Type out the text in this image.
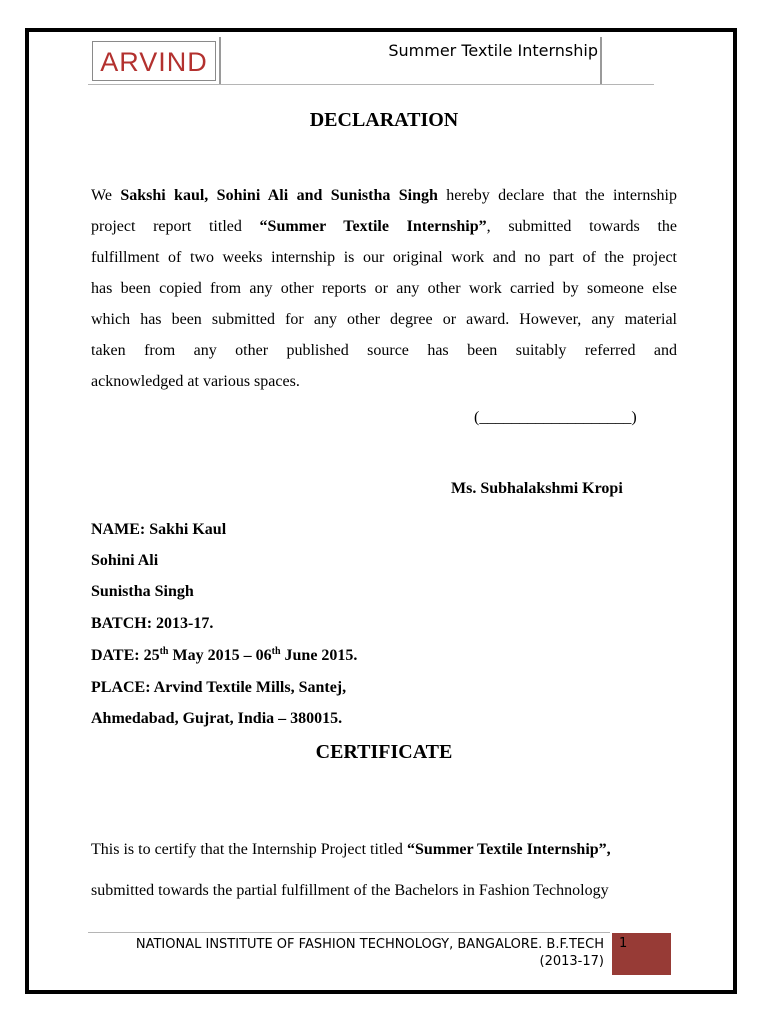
ARVIND	Summer Textile Internship
DECLARATION
We Sakshi kaul, Sohini Ali and Sunistha Singh hereby declare that the internship
project report titled “Summer Textile Internship”, submitted towards the
fulfillment of two weeks internship is our original work and no part of the project
has been copied from any other reports or any other work carried by someone else
which has been submitted for any other degree or award. However, any material
taken from any other published source has been suitably referred and
acknowledged at various spaces.
(___________________)
Ms. Subhalakshmi Kropi
NAME: Sakhi Kaul
Sohini Ali
Sunistha Singh
BATCH: 2013-17.
DATE: 25th May 2015 – 06th June 2015.
PLACE: Arvind Textile Mills, Santej,
Ahmedabad, Gujrat, India – 380015.
CERTIFICATE
This is to certify that the Internship Project titled “Summer Textile Internship”,
submitted towards the partial fulfillment of the Bachelors in Fashion Technology
NATIONAL INSTITUTE OF FASHION TECHNOLOGY, BANGALORE. B.F.TECH
(2013-17)
1
